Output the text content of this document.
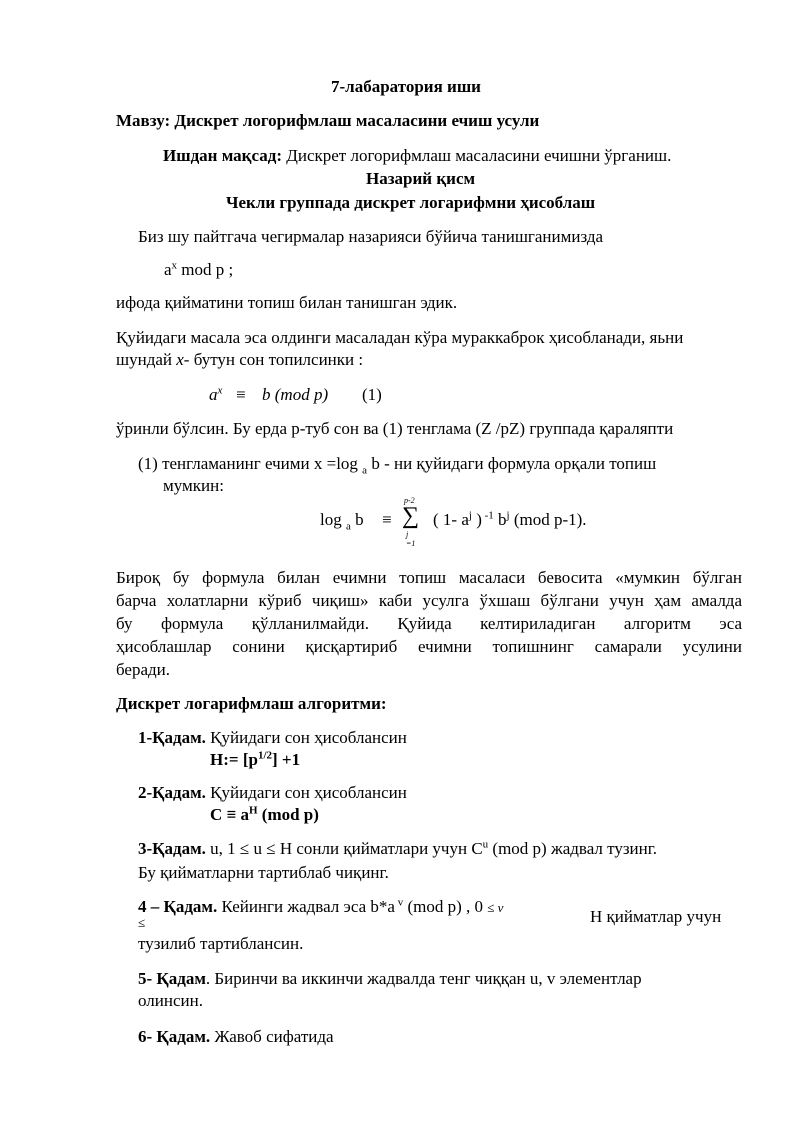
7-лабаратория иши
Мавзу: Дискрет логорифмлаш масаласини ечиш усули
Ишдан мақсад: Дискрет логорифмлаш масаласини ечишни ўрганиш.
Назарий қисм
Чекли группада дискрет логарифмни ҳисоблаш
Биз шу пайтгача чегирмалар назарияси бўйича танишганимизда
$a^x$ mod p ;
ифода қийматини топиш билан танишган эдик.
Қуйидаги масала эса олдинги масаладан кўра мураккаброк ҳисобланади, яьни
шундай x- бутун сон топилсинки :
$a^x \equiv b$ (mod p) (1)
ўринли бўлсин. Бу ерда p-туб сон ва (1) тенглама (Z /pZ) группада қараляпти
(1) тенгламанинг ечими x =log $_a$ b - ни қуйидаги формула орқали топиш
мумкин:
log $_a$ b ≡
p-2
∑
j
=1
( 1- $a^j$ ) $^{-1}$ $b^j$ (mod p-1).
Бироқ бу формула билан ечимни топиш масаласи бевосита «мумкин бўлган
барча холатларни кўриб чиқиш» каби усулга ўхшаш бўлгани учун ҳам амалда
бу формула қўлланилмайди. Қуйида келтириладиган алгоритм эса
ҳисоблашлар сонини қисқартириб ечимни топишнинг самарали усулини
беради.
Дискрет логарифмлаш алгоритми:
1-Қадам. Қуйидаги сон ҳисоблансин
H:= $[p^{1/2}] +1$
2-Қадам. Қуйидаги сон ҳисоблансин
$C \equiv a^H$ (mod p)
3-Қадам. u, 1 ≤ u ≤ H сонли қийматлари учун $C^u$ (mod p) жадвал тузинг.
Бу қийматларни тартиблаб чиқинг.
4 – Қадам. Кейинги жадвал эса b*a $^v$ (mod p) , 0 ≤ v	H қийматлар учун
≤
тузилиб тартиблансин.
5- Қадам. Биринчи ва иккинчи жадвалда тенг чиққан u, v элементлар
олинсин.
6- Қадам. Жавоб сифатида
